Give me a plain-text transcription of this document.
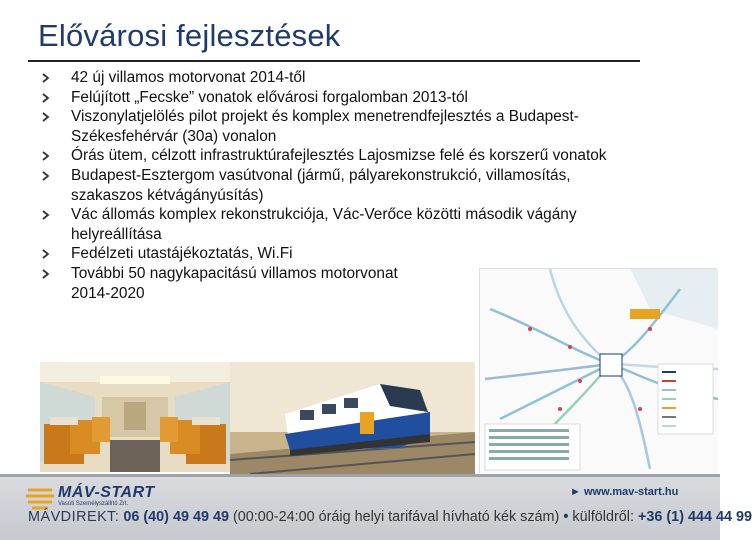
Elővárosi fejlesztések
42 új villamos motorvonat 2014-től
Felújított „Fecske” vonatok elővárosi forgalomban 2013-tól
Viszonylatjelölés pilot projekt és komplex menetrendfejlesztés a Budapest-
Székesfehérvár (30a) vonalon
Órás ütem, célzott infrastruktúrafejlesztés Lajosmizse felé és korszerű vonatok
Budapest-Esztergom vasútvonal (jármű, pályarekonstrukció, villamosítás,
szakaszos kétvágányúsítás)
Vác állomás komplex rekonstrukciója, Vác-Verőce közötti második vágány
helyreállítása
Fedélzeti utastájékoztatás, Wi.Fi
További 50 nagykapacitású villamos motorvonat
2014-2020
MÁV-START
Vasúti Személyszállító Zrt.
► www.mav-start.hu
MÁVDIREKT: 06 (40) 49 49 49 (00:00-24:00 óráig helyi tarifával hívható kék szám) • külföldről: +36 (1) 444 44 99
